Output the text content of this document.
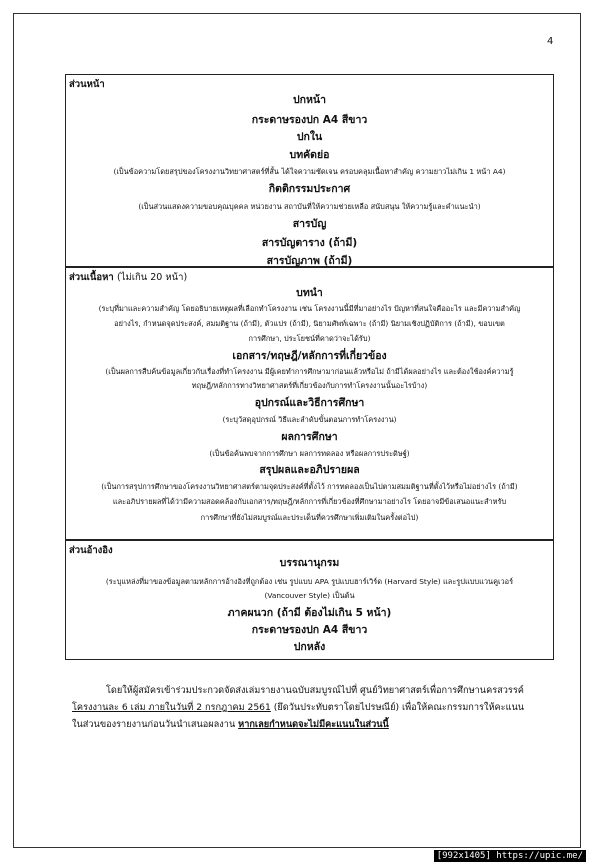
4
ส่วนหน้า
ปกหน้า
กระดาษรองปก A4 สีขาว
ปกใน
บทคัดย่อ
(เป็นข้อความโดยสรุปของโครงงานวิทยาศาสตร์ที่สั้น ได้ใจความชัดเจน ครอบคลุมเนื้อหาสำคัญ ความยาวไม่เกิน 1 หน้า A4)
กิตติกรรมประกาศ
(เป็นส่วนแสดงความขอบคุณบุคคล หน่วยงาน สถาบันที่ให้ความช่วยเหลือ สนับสนุน ให้ความรู้และคำแนะนำ)
สารบัญ
สารบัญตาราง (ถ้ามี)
สารบัญภาพ (ถ้ามี)
ส่วนเนื้อหา (ไม่เกิน 20 หน้า)
บทนำ
(ระบุที่มาและความสำคัญ โดยอธิบายเหตุผลที่เลือกทำโครงงาน เช่น โครงงานนี้มีที่มาอย่างไร ปัญหาที่สนใจคืออะไร และมีความสำคัญ
อย่างไร, กำหนดจุดประสงค์, สมมติฐาน (ถ้ามี), ตัวแปร (ถ้ามี), นิยามศัพท์เฉพาะ (ถ้ามี) นิยามเชิงปฏิบัติการ (ถ้ามี), ขอบเขต
การศึกษา, ประโยชน์ที่คาดว่าจะได้รับ)
เอกสาร/ทฤษฎี/หลักการที่เกี่ยวข้อง
(เป็นผลการสืบค้นข้อมูลเกี่ยวกับเรื่องที่ทำโครงงาน มีผู้เคยทำการศึกษามาก่อนแล้วหรือไม่ ถ้ามีได้ผลอย่างไร และต้องใช้องค์ความรู้
ทฤษฎี/หลักการทางวิทยาศาสตร์ที่เกี่ยวข้องกับการทำโครงงานนั้นอะไรบ้าง)
อุปกรณ์และวิธีการศึกษา
(ระบุวัสดุอุปกรณ์ วิธีและลำดับขั้นตอนการทำโครงงาน)
ผลการศึกษา
(เป็นข้อค้นพบจากการศึกษา ผลการทดลอง หรือผลการประดิษฐ์)
สรุปผลและอภิปรายผล
(เป็นการสรุปการศึกษาของโครงงานวิทยาศาสตร์ตามจุดประสงค์ที่ตั้งไว้ การทดลองเป็นไปตามสมมติฐานที่ตั้งไว้หรือไม่อย่างไร (ถ้ามี)
และอภิปรายผลที่ได้ว่ามีความสอดคล้องกับเอกสาร/ทฤษฎี/หลักการที่เกี่ยวข้องที่ศึกษามาอย่างไร โดยอาจมีข้อเสนอแนะสำหรับ
การศึกษาที่ยังไม่สมบูรณ์และประเด็นที่ควรศึกษาเพิ่มเติมในครั้งต่อไป)
ส่วนอ้างอิง
บรรณานุกรม
(ระบุแหล่งที่มาของข้อมูลตามหลักการอ้างอิงที่ถูกต้อง เช่น รูปแบบ APA รูปแบบฮาร์เวิร์ด (Harvard Style) และรูปแบบแวนคูเวอร์
(Vancouver Style) เป็นต้น
ภาคผนวก (ถ้ามี ต้องไม่เกิน 5 หน้า)
กระดาษรองปก A4 สีขาว
ปกหลัง
โดยให้ผู้สมัครเข้าร่วมประกวดจัดส่งเล่มรายงานฉบับสมบูรณ์ไปที่ ศูนย์วิทยาศาสตร์เพื่อการศึกษานครสวรรค์
โครงงานละ 6 เล่ม ภายในวันที่ 2 กรกฎาคม 2561 (ยึดวันประทับตราโดยไปรษณีย์) เพื่อให้คณะกรรมการให้คะแนน
ในส่วนของรายงานก่อนวันนำเสนอผลงาน หากเลยกำหนดจะไม่มีคะแนนในส่วนนี้
[992x1405] https://upic.me/
